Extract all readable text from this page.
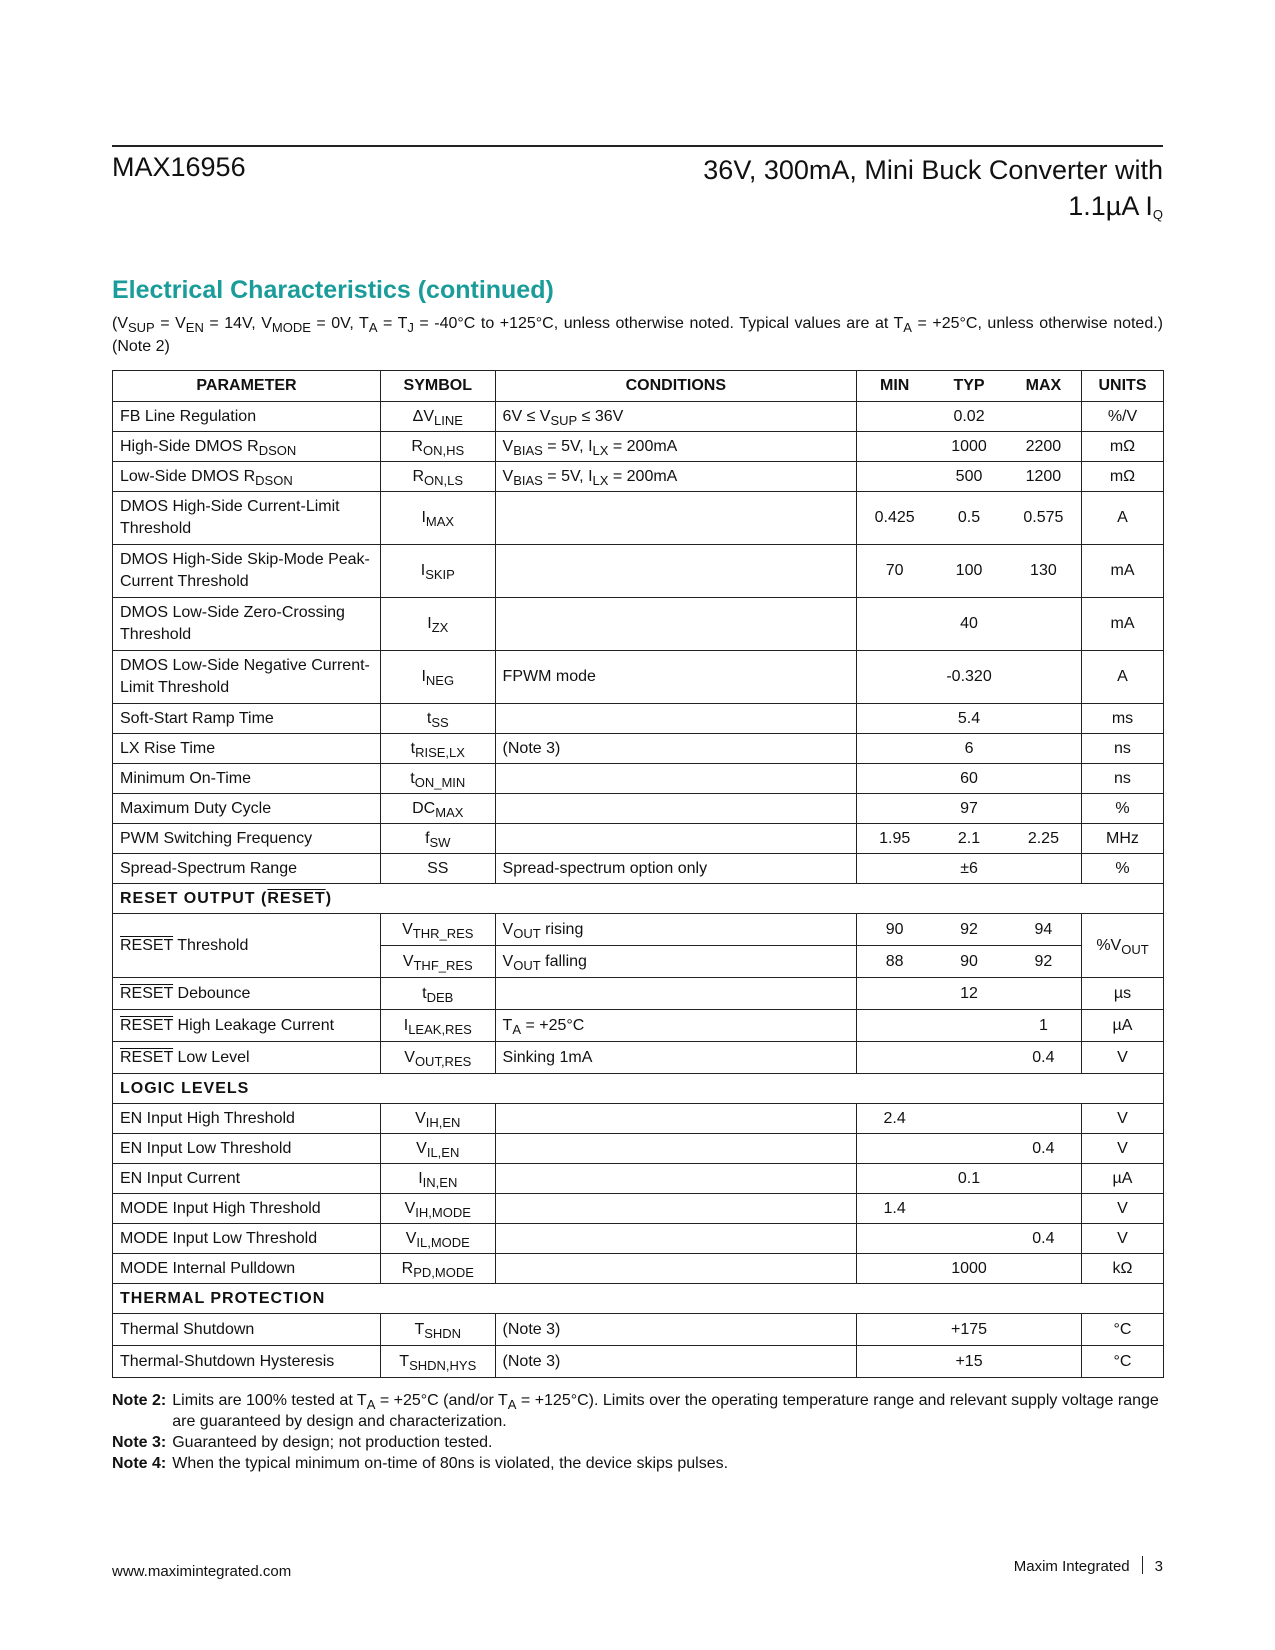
MAX16956	36V, 300mA, Mini Buck Converter with
1.1µA $I_Q$
Electrical Characteristics (continued)
($V_{SUP} = V_{EN} = 14V$, $V_{MODE} = 0V$, $T_A = T_J = -40^\circ C$ to +125°C, unless otherwise noted. Typical values are at $T_A = +25^\circ C$, unless otherwise noted.) (Note 2)
PARAMETER	SYMBOL	CONDITIONS	MIN	TYP	MAX	UNITS
FB Line Regulation	$\Delta V_{LINE}$	$6V \le V_{SUP} \le 36V$		0.02		%/V
High-Side DMOS $R_{DSON}$	$R_{ON,HS}$	$V_{BIAS} = 5V$, $I_{LX} = 200mA$		1000	2200	mΩ
Low-Side DMOS $R_{DSON}$	$R_{ON,LS}$	$V_{BIAS} = 5V$, $I_{LX} = 200mA$		500	1200	mΩ
DMOS High-Side Current-Limit Threshold	$I_{MAX}$		0.425	0.5	0.575	A
DMOS High-Side Skip-Mode Peak-Current Threshold	$I_{SKIP}$		70	100	130	mA
DMOS Low-Side Zero-Crossing Threshold	$I_{ZX}$			40		mA
DMOS Low-Side Negative Current-Limit Threshold	$I_{NEG}$	FPWM mode		-0.320		A
Soft-Start Ramp Time	$t_{SS}$			5.4		ms
LX Rise Time	$t_{RISE,LX}$	(Note 3)		6		ns
Minimum On-Time	$t_{ON\_MIN}$			60		ns
Maximum Duty Cycle	$DC_{MAX}$			97		%
PWM Switching Frequency	$f_{SW}$		1.95	2.1	2.25	MHz
Spread-Spectrum Range	SS	Spread-spectrum option only		±6		%
RESET OUTPUT (RESET)						
RESET Threshold	$V_{THR\_RES}$	$V_{OUT}$ rising	90	92	94	$\%V_{OUT}$
	$V_{THF\_RES}$	$V_{OUT}$ falling	88	90	92	
RESET Debounce	$t_{DEB}$			12		µs
RESET High Leakage Current	$I_{LEAK,RES}$	$T_A = +25^\circ C$			1	µA
RESET Low Level	$V_{OUT,RES}$	Sinking 1mA			0.4	V
LOGIC LEVELS						
EN Input High Threshold	$V_{IH,EN}$		2.4			V
EN Input Low Threshold	$V_{IL,EN}$				0.4	V
EN Input Current	$I_{IN,EN}$			0.1		µA
MODE Input High Threshold	$V_{IH,MODE}$		1.4			V
MODE Input Low Threshold	$V_{IL,MODE}$				0.4	V
MODE Internal Pulldown	$R_{PD,MODE}$			1000		kΩ
THERMAL PROTECTION						
Thermal Shutdown	$T_{SHDN}$	(Note 3)		+175		°C
Thermal-Shutdown Hysteresis	$T_{SHDN,HYS}$	(Note 3)		+15		°C
Note 2: Limits are 100% tested at $T_A = +25^\circ C$ (and/or $T_A = +125^\circ C$). Limits over the operating temperature range and relevant supply voltage range are guaranteed by design and characterization.
Note 3: Guaranteed by design; not production tested.
Note 4: When the typical minimum on-time of 80ns is violated, the device skips pulses.
www.maximintegrated.com	Maxim Integrated 3
